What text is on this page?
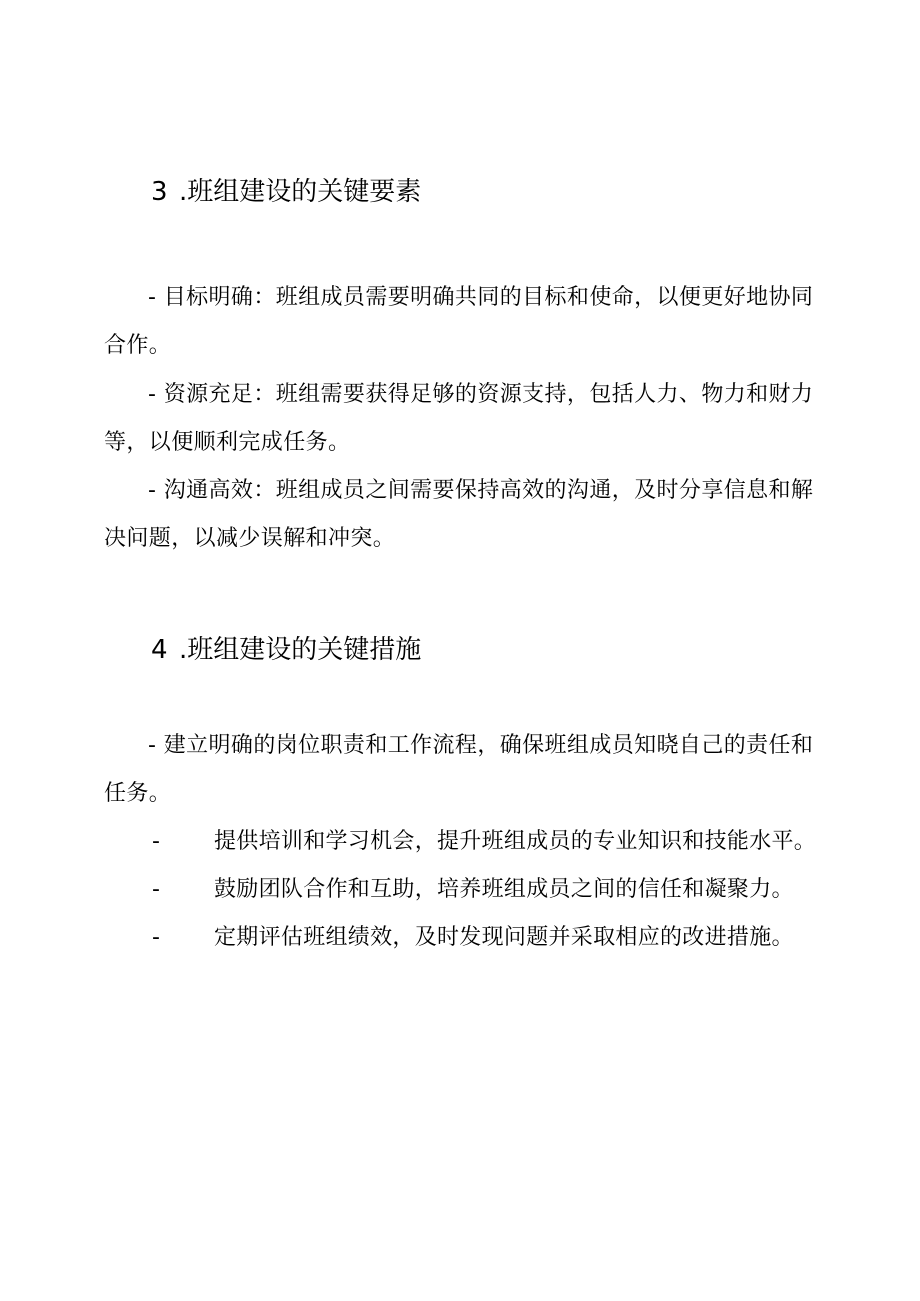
3 .班组建设的关键要素

- 目标明确：班组成员需要明确共同的目标和使命，以便更好地协同合作。

- 资源充足：班组需要获得足够的资源支持，包括人力、物力和财力等，以便顺利完成任务。

- 沟通高效：班组成员之间需要保持高效的沟通，及时分享信息和解决问题，以减少误解和冲突。

4 .班组建设的关键措施

- 建立明确的岗位职责和工作流程，确保班组成员知晓自己的责任和任务。

- 提供培训和学习机会，提升班组成员的专业知识和技能水平。
- 鼓励团队合作和互助，培养班组成员之间的信任和凝聚力。
- 定期评估班组绩效，及时发现问题并采取相应的改进措施。
